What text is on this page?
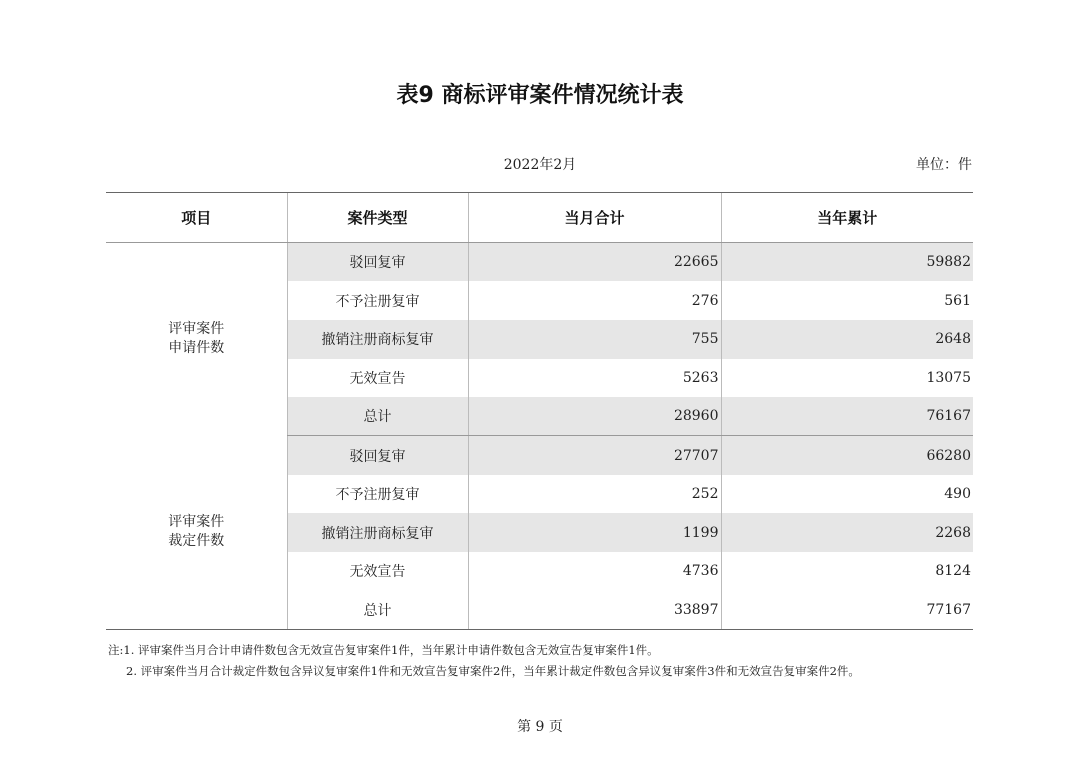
表9 商标评审案件情况统计表
2022年2月	单位：件
项目	案件类型	当月合计	当年累计

评审案件
申请件数	驳回复审	22665	59882
	不予注册复审	276	561
	撤销注册商标复审	755	2648
	无效宣告	5263	13075
	总计	28960	76167

评审案件
裁定件数	驳回复审	27707	66280
	不予注册复审	252	490
	撤销注册商标复审	1199	2268
	无效宣告	4736	8124
	总计	33897	77167
注:1. 评审案件当月合计申请件数包含无效宣告复审案件1件，当年累计申请件数包含无效宣告复审案件1件。
2. 评审案件当月合计裁定件数包含异议复审案件1件和无效宣告复审案件2件，当年累计裁定件数包含异议复审案件3件和无效宣告复审案件2件。
第 9 页
